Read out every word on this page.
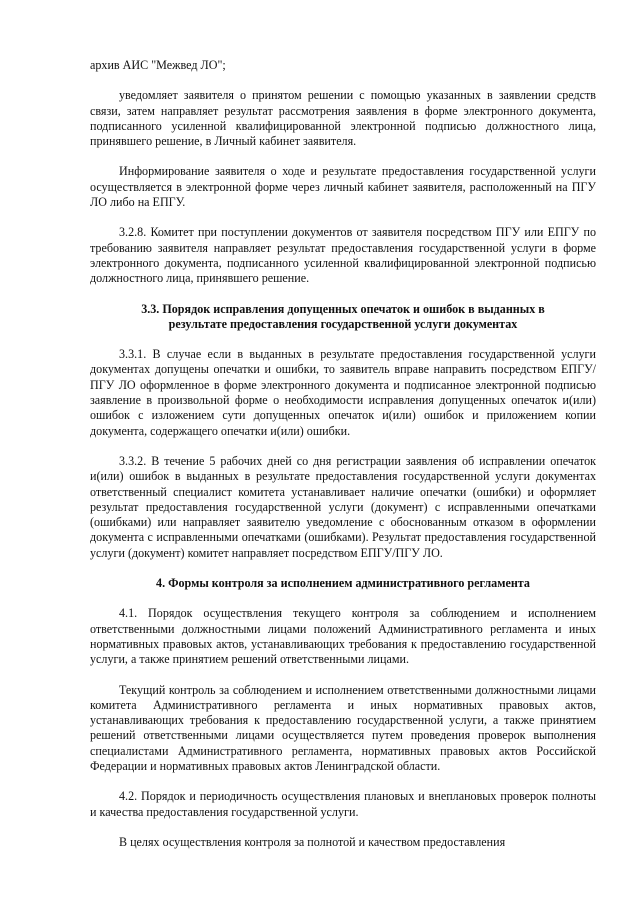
архив АИС "Межвед ЛО";

уведомляет заявителя о принятом решении с помощью указанных в заявлении средств связи, затем направляет результат рассмотрения заявления в форме электронного документа, подписанного усиленной квалифицированной электронной подписью должностного лица, принявшего решение, в Личный кабинет заявителя.

Информирование заявителя о ходе и результате предоставления государственной услуги осуществляется в электронной форме через личный кабинет заявителя, расположенный на ПГУ ЛО либо на ЕПГУ.

3.2.8. Комитет при поступлении документов от заявителя посредством ПГУ или ЕПГУ по требованию заявителя направляет результат предоставления государственной услуги в форме электронного документа, подписанного усиленной квалифицированной электронной подписью должностного лица, принявшего решение.

3.3. Порядок исправления допущенных опечаток и ошибок в выданных в результате предоставления государственной услуги документах

3.3.1. В случае если в выданных в результате предоставления государственной услуги документах допущены опечатки и ошибки, то заявитель вправе направить посредством ЕПГУ/ПГУ ЛО оформленное в форме электронного документа и подписанное электронной подписью заявление в произвольной форме о необходимости исправления допущенных опечаток и(или) ошибок с изложением сути допущенных опечаток и(или) ошибок и приложением копии документа, содержащего опечатки и(или) ошибки.

3.3.2. В течение 5 рабочих дней со дня регистрации заявления об исправлении опечаток и(или) ошибок в выданных в результате предоставления государственной услуги документах ответственный специалист комитета устанавливает наличие опечатки (ошибки) и оформляет результат предоставления государственной услуги (документ) с исправленными опечатками (ошибками) или направляет заявителю уведомление с обоснованным отказом в оформлении документа с исправленными опечатками (ошибками). Результат предоставления государственной услуги (документ) комитет направляет посредством ЕПГУ/ПГУ ЛО.

4. Формы контроля за исполнением административного регламента

4.1. Порядок осуществления текущего контроля за соблюдением и исполнением ответственными должностными лицами положений Административного регламента и иных нормативных правовых актов, устанавливающих требования к предоставлению государственной услуги, а также принятием решений ответственными лицами.

Текущий контроль за соблюдением и исполнением ответственными должностными лицами комитета Административного регламента и иных нормативных правовых актов, устанавливающих требования к предоставлению государственной услуги, а также принятием решений ответственными лицами осуществляется путем проведения проверок выполнения специалистами Административного регламента, нормативных правовых актов Российской Федерации и нормативных правовых актов Ленинградской области.

4.2. Порядок и периодичность осуществления плановых и внеплановых проверок полноты и качества предоставления государственной услуги.

В целях осуществления контроля за полнотой и качеством предоставления
